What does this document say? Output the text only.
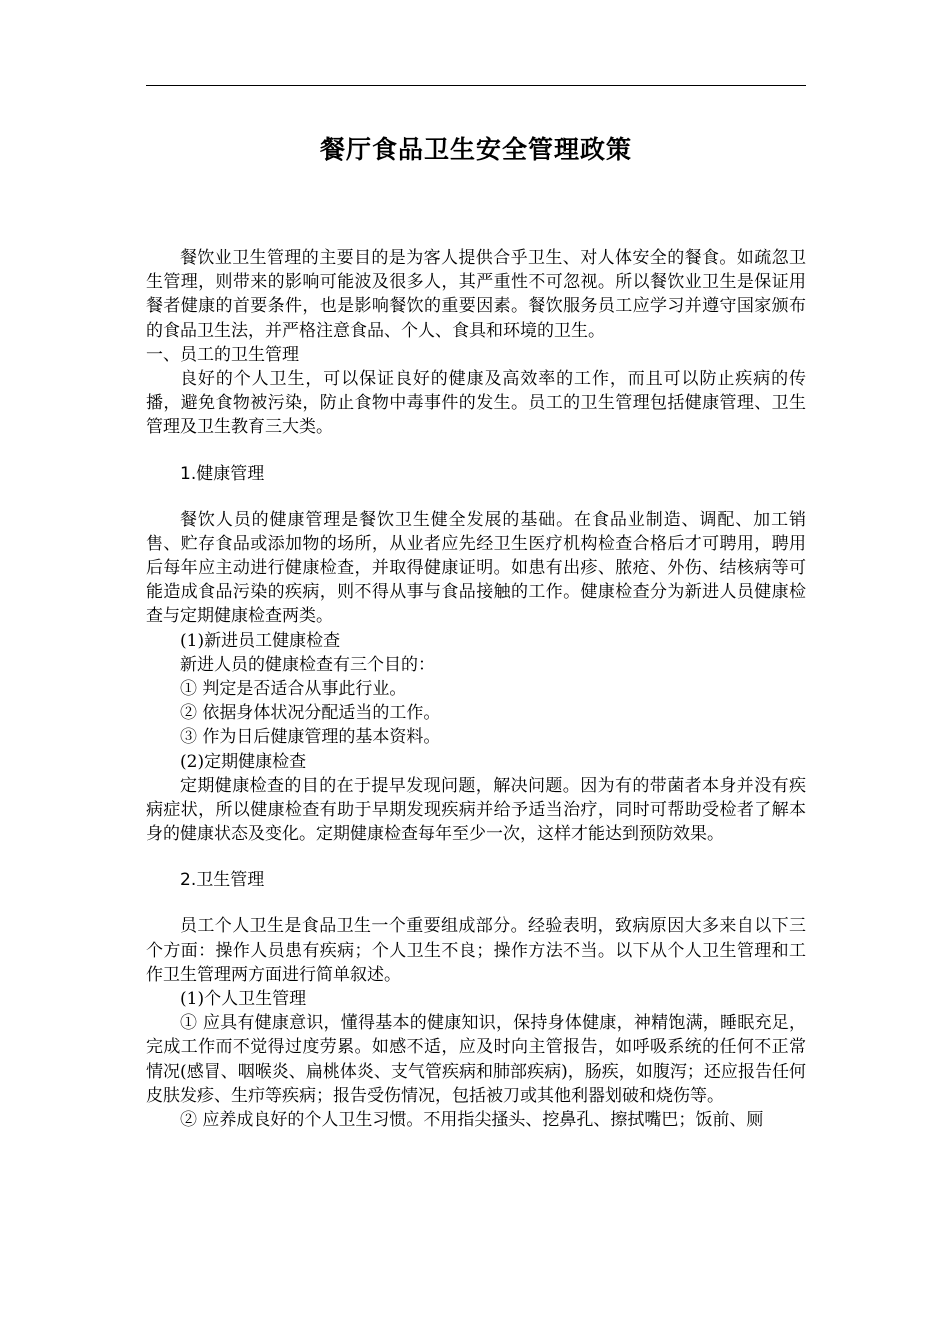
餐厅食品卫生安全管理政策

餐饮业卫生管理的主要目的是为客人提供合乎卫生、对人体安全的餐食。如疏忽卫生管理，则带来的影响可能波及很多人，其严重性不可忽视。所以餐饮业卫生是保证用餐者健康的首要条件，也是影响餐饮的重要因素。餐饮服务员工应学习并遵守国家颁布的食品卫生法，并严格注意食品、个人、食具和环境的卫生。

一、员工的卫生管理

良好的个人卫生，可以保证良好的健康及高效率的工作，而且可以防止疾病的传播，避免食物被污染，防止食物中毒事件的发生。员工的卫生管理包括健康管理、卫生管理及卫生教育三大类。

1.健康管理

餐饮人员的健康管理是餐饮卫生健全发展的基础。在食品业制造、调配、加工销售、贮存食品或添加物的场所，从业者应先经卫生医疗机构检查合格后才可聘用，聘用后每年应主动进行健康检查，并取得健康证明。如患有出疹、脓疮、外伤、结核病等可能造成食品污染的疾病，则不得从事与食品接触的工作。健康检查分为新进人员健康检查与定期健康检查两类。

(1)新进员工健康检查

新进人员的健康检查有三个目的：

① 判定是否适合从事此行业。

② 依据身体状况分配适当的工作。

③ 作为日后健康管理的基本资料。

(2)定期健康检查

定期健康检查的目的在于提早发现问题，解决问题。因为有的带菌者本身并没有疾病症状，所以健康检查有助于早期发现疾病并给予适当治疗，同时可帮助受检者了解本身的健康状态及变化。定期健康检查每年至少一次，这样才能达到预防效果。

2.卫生管理

员工个人卫生是食品卫生一个重要组成部分。经验表明，致病原因大多来自以下三个方面：操作人员患有疾病；个人卫生不良；操作方法不当。以下从个人卫生管理和工作卫生管理两方面进行简单叙述。

(1)个人卫生管理

① 应具有健康意识，懂得基本的健康知识，保持身体健康，神精饱满，睡眠充足，完成工作而不觉得过度劳累。如感不适，应及时向主管报告，如呼吸系统的任何不正常情况(感冒、咽喉炎、扁桃体炎、支气管疾病和肺部疾病)，肠疾，如腹泻；还应报告任何皮肤发疹、生疖等疾病；报告受伤情况，包括被刀或其他利器划破和烧伤等。

② 应养成良好的个人卫生习惯。不用指尖搔头、挖鼻孔、擦拭嘴巴；饭前、厕
